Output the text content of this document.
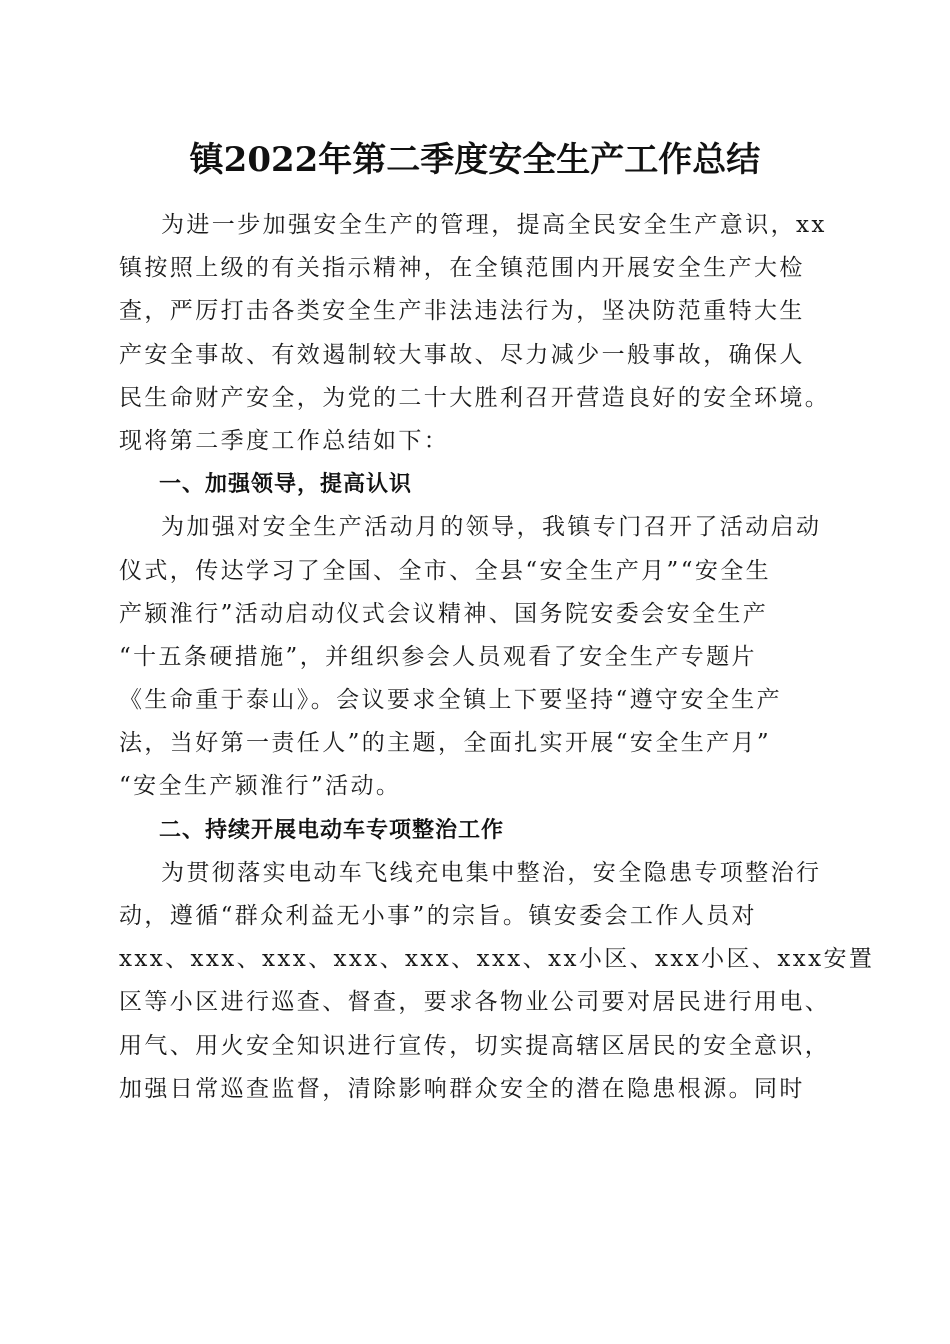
镇2022年第二季度安全生产工作总结
为进一步加强安全生产的管理，提高全民安全生产意识，xx
镇按照上级的有关指示精神，在全镇范围内开展安全生产大检
查，严厉打击各类安全生产非法违法行为，坚决防范重特大生
产安全事故、有效遏制较大事故、尽力减少一般事故，确保人
民生命财产安全，为党的二十大胜利召开营造良好的安全环境。
现将第二季度工作总结如下：
一、加强领导，提高认识
为加强对安全生产活动月的领导，我镇专门召开了活动启动
仪式，传达学习了全国、全市、全县“安全生产月”“安全生
产颍淮行”活动启动仪式会议精神、国务院安委会安全生产
“十五条硬措施”，并组织参会人员观看了安全生产专题片
《生命重于泰山》。会议要求全镇上下要坚持“遵守安全生产
法，当好第一责任人”的主题，全面扎实开展“安全生产月”
“安全生产颍淮行”活动。
二、持续开展电动车专项整治工作
为贯彻落实电动车飞线充电集中整治，安全隐患专项整治行
动，遵循“群众利益无小事”的宗旨。镇安委会工作人员对
xxx、xxx、xxx、xxx、xxx、xxx、xx小区、xxx小区、xxx安置
区等小区进行巡查、督查，要求各物业公司要对居民进行用电、
用气、用火安全知识进行宣传，切实提高辖区居民的安全意识，
加强日常巡查监督，清除影响群众安全的潜在隐患根源。同时
